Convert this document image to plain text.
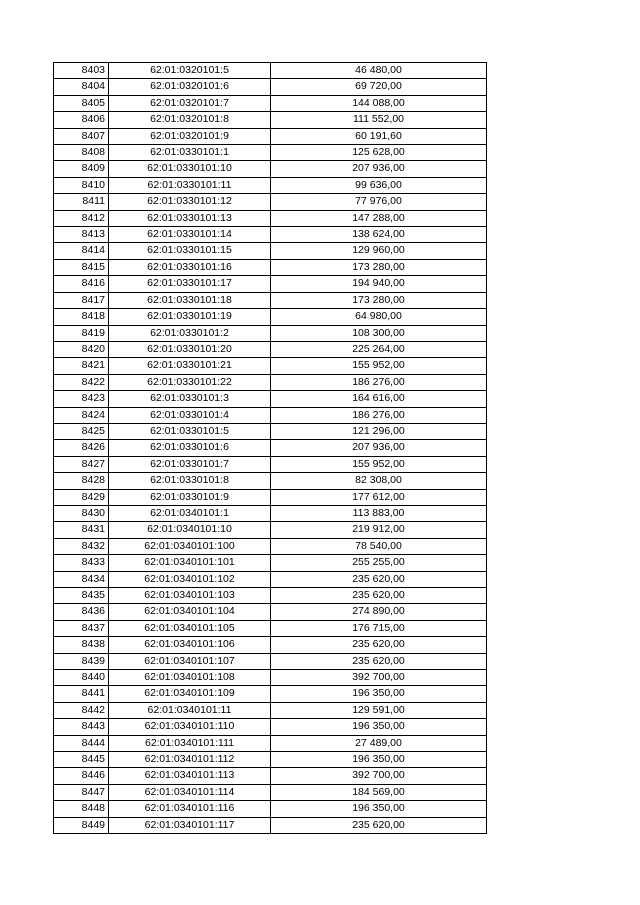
8403	62:01:0320101:5	46 480,00
8404	62:01:0320101:6	69 720,00
8405	62:01:0320101:7	144 088,00
8406	62:01:0320101:8	111 552,00
8407	62:01:0320101:9	60 191,60
8408	62:01:0330101:1	125 628,00
8409	62:01:0330101:10	207 936,00
8410	62:01:0330101:11	99 636,00
8411	62:01:0330101:12	77 976,00
8412	62:01:0330101:13	147 288,00
8413	62:01:0330101:14	138 624,00
8414	62:01:0330101:15	129 960,00
8415	62:01:0330101:16	173 280,00
8416	62:01:0330101:17	194 940,00
8417	62:01:0330101:18	173 280,00
8418	62:01:0330101:19	64 980,00
8419	62:01:0330101:2	108 300,00
8420	62:01:0330101:20	225 264,00
8421	62:01:0330101:21	155 952,00
8422	62:01:0330101:22	186 276,00
8423	62:01:0330101:3	164 616,00
8424	62:01:0330101:4	186 276,00
8425	62:01:0330101:5	121 296,00
8426	62:01:0330101:6	207 936,00
8427	62:01:0330101:7	155 952,00
8428	62:01:0330101:8	82 308,00
8429	62:01:0330101:9	177 612,00
8430	62:01:0340101:1	113 883,00
8431	62:01:0340101:10	219 912,00
8432	62:01:0340101:100	78 540,00
8433	62:01:0340101:101	255 255,00
8434	62:01:0340101:102	235 620,00
8435	62:01:0340101:103	235 620,00
8436	62:01:0340101:104	274 890,00
8437	62:01:0340101:105	176 715,00
8438	62:01:0340101:106	235 620,00
8439	62:01:0340101:107	235 620,00
8440	62:01:0340101:108	392 700,00
8441	62:01:0340101:109	196 350,00
8442	62:01:0340101:11	129 591,00
8443	62:01:0340101:110	196 350,00
8444	62:01:0340101:111	27 489,00
8445	62:01:0340101:112	196 350,00
8446	62:01:0340101:113	392 700,00
8447	62:01:0340101:114	184 569,00
8448	62:01:0340101:116	196 350,00
8449	62:01:0340101:117	235 620,00
